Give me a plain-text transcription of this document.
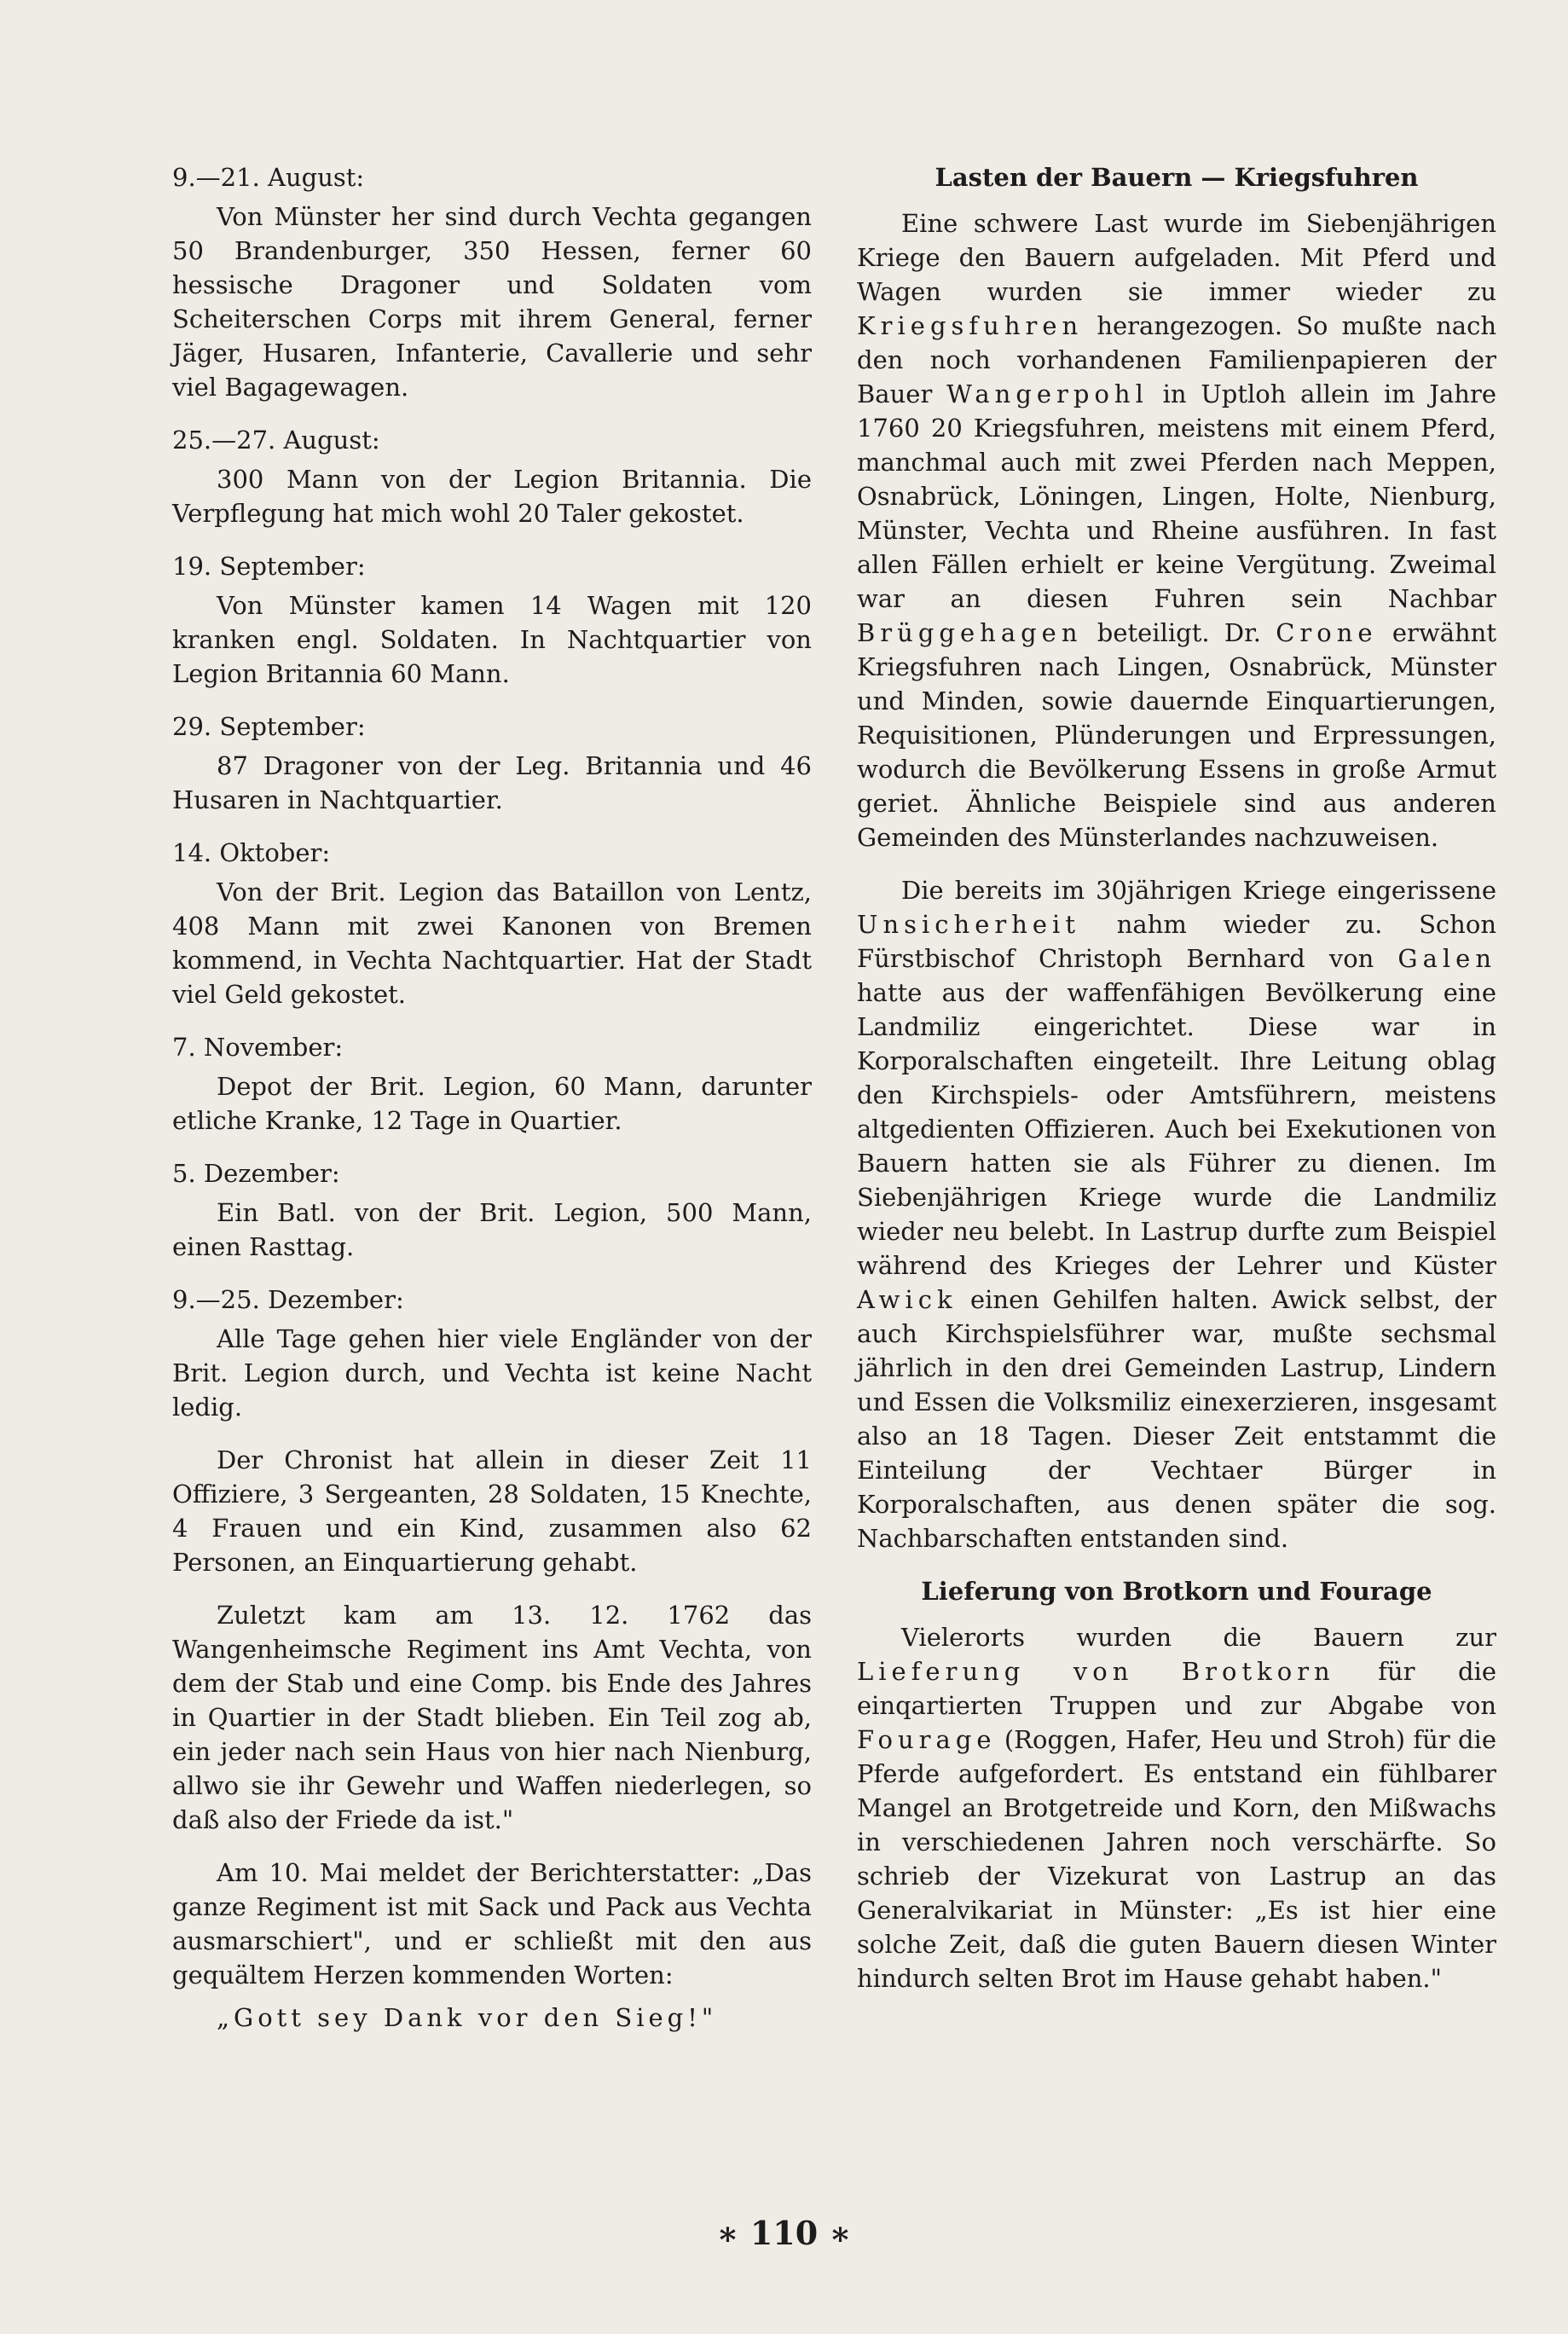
9.—21. August:

Von Münster her sind durch Vechta gegangen 50 Brandenburger, 350 Hessen, ferner 60 hessische Dragoner und Soldaten vom Scheiterschen Corps mit ihrem General, ferner Jäger, Husaren, Infanterie, Cavallerie und sehr viel Bagagewagen.

25.—27. August:

300 Mann von der Legion Britannia. Die Verpflegung hat mich wohl 20 Taler gekostet.

19. September:

Von Münster kamen 14 Wagen mit 120 kranken engl. Soldaten. In Nachtquartier von Legion Britannia 60 Mann.

29. September:

87 Dragoner von der Leg. Britannia und 46 Husaren in Nachtquartier.

14. Oktober:

Von der Brit. Legion das Bataillon von Lentz, 408 Mann mit zwei Kanonen von Bremen kommend, in Vechta Nachtquartier. Hat der Stadt viel Geld gekostet.

7. November:

Depot der Brit. Legion, 60 Mann, darunter etliche Kranke, 12 Tage in Quartier.

5. Dezember:

Ein Batl. von der Brit. Legion, 500 Mann, einen Rasttag.

9.—25. Dezember:

Alle Tage gehen hier viele Engländer von der Brit. Legion durch, und Vechta ist keine Nacht ledig.

Der Chronist hat allein in dieser Zeit 11 Offiziere, 3 Sergeanten, 28 Soldaten, 15 Knechte, 4 Frauen und ein Kind, zusammen also 62 Personen, an Einquartierung gehabt.

Zuletzt kam am 13. 12. 1762 das Wangenheimsche Regiment ins Amt Vechta, von dem der Stab und eine Comp. bis Ende des Jahres in Quartier in der Stadt blieben. Ein Teil zog ab, ein jeder nach sein Haus von hier nach Nienburg, allwo sie ihr Gewehr und Waffen niederlegen, so daß also der Friede da ist."

Am 10. Mai meldet der Berichterstatter: „Das ganze Regiment ist mit Sack und Pack aus Vechta ausmarschiert", und er schließt mit den aus gequältem Herzen kommenden Worten:

„Gott sey Dank vor den Sieg!"
Lasten der Bauern — Kriegsfuhren

Eine schwere Last wurde im Siebenjährigen Kriege den Bauern aufgeladen. Mit Pferd und Wagen wurden sie immer wieder zu Kriegsfuhren herangezogen. So mußte nach den noch vorhandenen Familienpapieren der Bauer Wangerpohl in Uptloh allein im Jahre 1760 20 Kriegsfuhren, meistens mit einem Pferd, manchmal auch mit zwei Pferden nach Meppen, Osnabrück, Löningen, Lingen, Holte, Nienburg, Münster, Vechta und Rheine ausführen. In fast allen Fällen erhielt er keine Vergütung. Zweimal war an diesen Fuhren sein Nachbar Brüggehagen beteiligt. Dr. Crone erwähnt Kriegsfuhren nach Lingen, Osnabrück, Münster und Minden, sowie dauernde Einquartierungen, Requisitionen, Plünderungen und Erpressungen, wodurch die Bevölkerung Essens in große Armut geriet. Ähnliche Beispiele sind aus anderen Gemeinden des Münsterlandes nachzuweisen.

Die bereits im 30jährigen Kriege eingerissene Unsicherheit nahm wieder zu. Schon Fürstbischof Christoph Bernhard von Galen hatte aus der waffenfähigen Bevölkerung eine Landmiliz eingerichtet. Diese war in Korporalschaften eingeteilt. Ihre Leitung oblag den Kirchspiels- oder Amtsführern, meistens altgedienten Offizieren. Auch bei Exekutionen von Bauern hatten sie als Führer zu dienen. Im Siebenjährigen Kriege wurde die Landmiliz wieder neu belebt. In Lastrup durfte zum Beispiel während des Krieges der Lehrer und Küster Awick einen Gehilfen halten. Awick selbst, der auch Kirchspielsführer war, mußte sechsmal jährlich in den drei Gemeinden Lastrup, Lindern und Essen die Volksmiliz einexerzieren, insgesamt also an 18 Tagen. Dieser Zeit entstammt die Einteilung der Vechtaer Bürger in Korporalschaften, aus denen später die sog. Nachbarschaften entstanden sind.

Lieferung von Brotkorn und Fourage

Vielerorts wurden die Bauern zur Lieferung von Brotkorn für die einqartierten Truppen und zur Abgabe von Fourage (Roggen, Hafer, Heu und Stroh) für die Pferde aufgefordert. Es entstand ein fühlbarer Mangel an Brotgetreide und Korn, den Mißwachs in verschiedenen Jahren noch verschärfte. So schrieb der Vizekurat von Lastrup an das Generalvikariat in Münster: „Es ist hier eine solche Zeit, daß die guten Bauern diesen Winter hindurch selten Brot im Hause gehabt haben."

∗ 110 ∗
